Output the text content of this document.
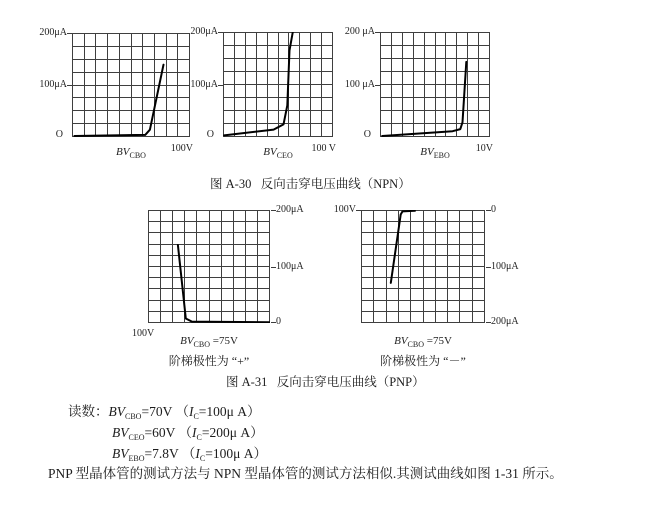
200μA
100μA
O
100V
$BV_{CBO}$
200μA
100μA
O
100 V
$BV_{CEO}$
200 μA
100 μA
O
10V
$BV_{EBO}$
图 A-30   反向击穿电压曲线（NPN）
200μA
100μA
0
100V
$BV_{CBO} =75V$
阶梯极性为 “+”
100V	0
100μA
200μA
$BV_{CBO} =75V$
阶梯极性为 “－”
图 A-31   反向击穿电压曲线（PNP）
读数：$BV_{CBO}=70V$ （$I_C=100\mu$ A）
$BV_{CEO}=60V$ （$I_C=200\mu$ A）
$BV_{EBO}=7.8V$ （$I_C=100\mu$ A）
PNP 型晶体管的测试方法与 NPN 型晶体管的测试方法相似.其测试曲线如图 1-31 所示。
